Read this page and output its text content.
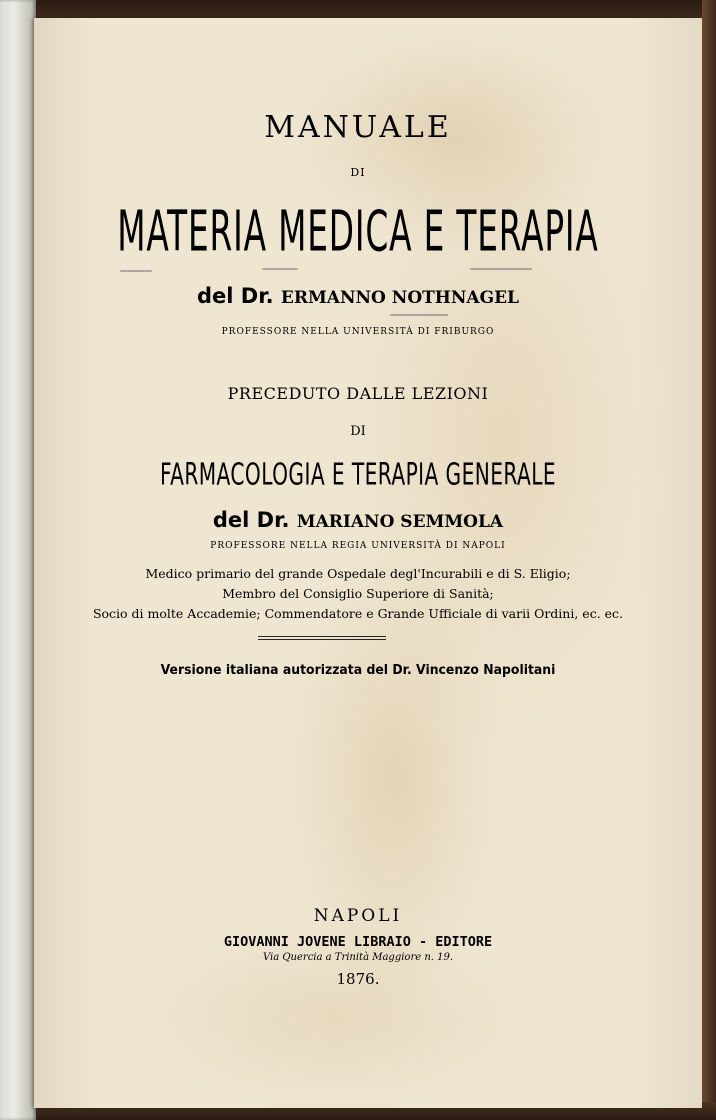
MANUALE
DI
MATERIA MEDICA E TERAPIA
del Dr. ERMANNO NOTHNAGEL
PROFESSORE NELLA UNIVERSITÀ DI FRIBURGO
PRECEDUTO DALLE LEZIONI
DI
FARMACOLOGIA E TERAPIA GENERALE
del Dr. MARIANO SEMMOLA
PROFESSORE NELLA REGIA UNIVERSITÀ DI NAPOLI
Medico primario del grande Ospedale degl'Incurabili e di S. Eligio;
Membro del Consiglio Superiore di Sanità;
Socio di molte Accademie; Commendatore e Grande Ufficiale di varii Ordini, ec. ec.
Versione italiana autorizzata del Dr. Vincenzo Napolitani
NAPOLI
GIOVANNI JOVENE LIBRAIO - EDITORE
Via Quercia a Trinità Maggiore n. 19.
1876.
